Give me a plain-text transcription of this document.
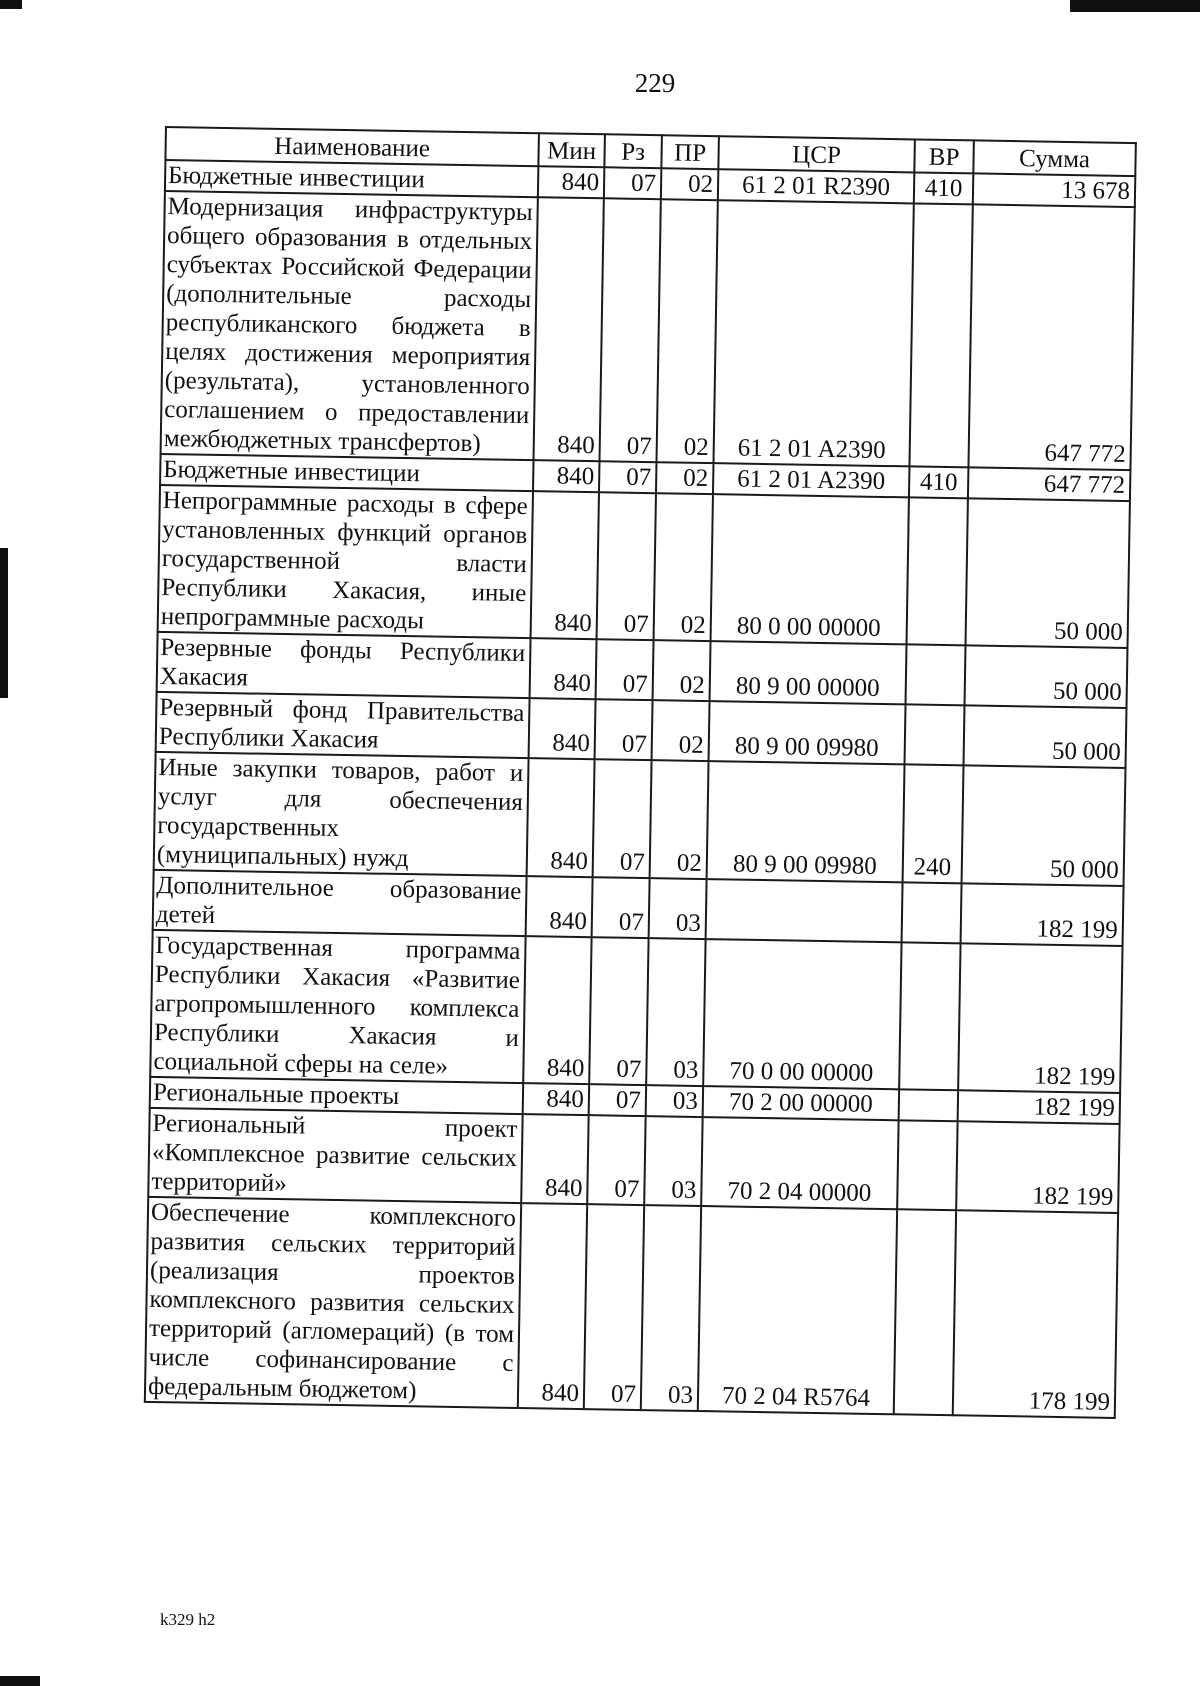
229
Наименование	Мин	Рз	ПР	ЦСР	ВР	Сумма
Бюджетные инвестиции	840	07	02	61 2 01 R2390	410	13 678
Модернизация инфраструктуры общего образования в отдельных субъектах Российской Федерации (дополнительные расходы республиканского бюджета в целях достижения мероприятия (результата), установленного соглашением о предоставлении межбюджетных трансфертов)	840	07	02	61 2 01 A2390		647 772
Бюджетные инвестиции	840	07	02	61 2 01 A2390	410	647 772
Непрограммные расходы в сфере установленных функций органов государственной власти Республики Хакасия, иные непрограммные расходы	840	07	02	80 0 00 00000		50 000
Резервные фонды Республики Хакасия	840	07	02	80 9 00 00000		50 000
Резервный фонд Правительства Республики Хакасия	840	07	02	80 9 00 09980		50 000
Иные закупки товаров, работ и услуг для обеспечения государственных (муниципальных) нужд	840	07	02	80 9 00 09980	240	50 000
Дополнительное образование детей	840	07	03			182 199
Государственная программа Республики Хакасия «Развитие агропромышленного комплекса Республики Хакасия и социальной сферы на селе»	840	07	03	70 0 00 00000		182 199
Региональные проекты	840	07	03	70 2 00 00000		182 199
Региональный проект «Комплексное развитие сельских территорий»	840	07	03	70 2 04 00000		182 199
Обеспечение комплексного развития сельских территорий (реализация проектов комплексного развития сельских территорий (агломераций) (в том числе софинансирование с федеральным бюджетом)	840	07	03	70 2 04 R5764		178 199
k329 h2
